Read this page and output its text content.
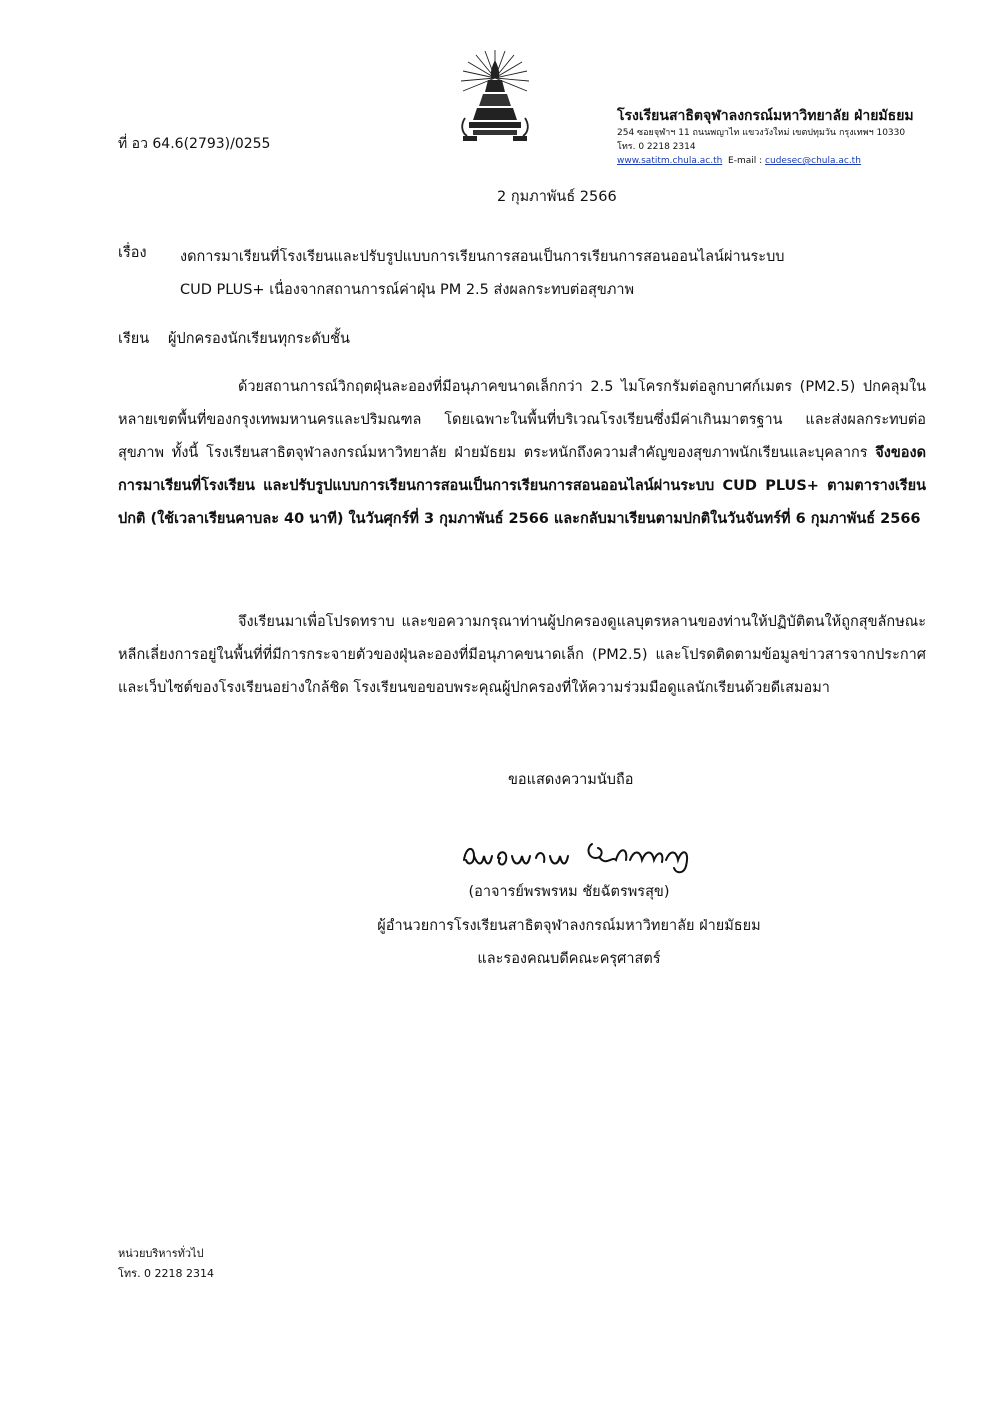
ที่ อว 64.6(2793)/0255
โรงเรียนสาธิตจุฬาลงกรณ์มหาวิทยาลัย ฝ่ายมัธยม
254 ซอยจุฬาฯ 11 ถนนพญาไท แขวงวังใหม่ เขตปทุมวัน กรุงเทพฯ 10330
โทร. 0 2218 2314
www.satitm.chula.ac.th E-mail : cudesec@chula.ac.th
2 กุมภาพันธ์ 2566
เรื่อง งดการมาเรียนที่โรงเรียนและปรับรูปแบบการเรียนการสอนเป็นการเรียนการสอนออนไลน์ผ่านระบบ
CUD PLUS+ เนื่องจากสถานการณ์ค่าฝุ่น PM 2.5 ส่งผลกระทบต่อสุขภาพ
เรียน ผู้ปกครองนักเรียนทุกระดับชั้น
ด้วยสถานการณ์วิกฤตฝุ่นละอองที่มีอนุภาคขนาดเล็กกว่า 2.5 ไมโครกรัมต่อลูกบาศก์เมตร (PM2.5) ปกคลุมในหลายเขตพื้นที่ของกรุงเทพมหานครและปริมณฑล โดยเฉพาะในพื้นที่บริเวณโรงเรียนซึ่งมีค่าเกินมาตรฐาน และส่งผลกระทบต่อสุขภาพ ทั้งนี้ โรงเรียนสาธิตจุฬาลงกรณ์มหาวิทยาลัย ฝ่ายมัธยม ตระหนักถึงความสำคัญของสุขภาพนักเรียนและบุคลากร จึงของดการมาเรียนที่โรงเรียน และปรับรูปแบบการเรียนการสอนเป็นการเรียนการสอนออนไลน์ผ่านระบบ CUD PLUS+ ตามตารางเรียนปกติ (ใช้เวลาเรียนคาบละ 40 นาที) ในวันศุกร์ที่ 3 กุมภาพันธ์ 2566 และกลับมาเรียนตามปกติในวันจันทร์ที่ 6 กุมภาพันธ์ 2566
จึงเรียนมาเพื่อโปรดทราบ และขอความกรุณาท่านผู้ปกครองดูแลบุตรหลานของท่านให้ปฏิบัติตนให้ถูกสุขลักษณะ หลีกเลี่ยงการอยู่ในพื้นที่ที่มีการกระจายตัวของฝุ่นละอองที่มีอนุภาคขนาดเล็ก (PM2.5) และโปรดติดตามข้อมูลข่าวสารจากประกาศและเว็บไซต์ของโรงเรียนอย่างใกล้ชิด โรงเรียนขอขอบพระคุณผู้ปกครองที่ให้ความร่วมมือดูแลนักเรียนด้วยดีเสมอมา
ขอแสดงความนับถือ
(อาจารย์พรพรหม ชัยฉัตรพรสุข)
ผู้อำนวยการโรงเรียนสาธิตจุฬาลงกรณ์มหาวิทยาลัย ฝ่ายมัธยม
และรองคณบดีคณะครุศาสตร์
หน่วยบริหารทั่วไป
โทร. 0 2218 2314
